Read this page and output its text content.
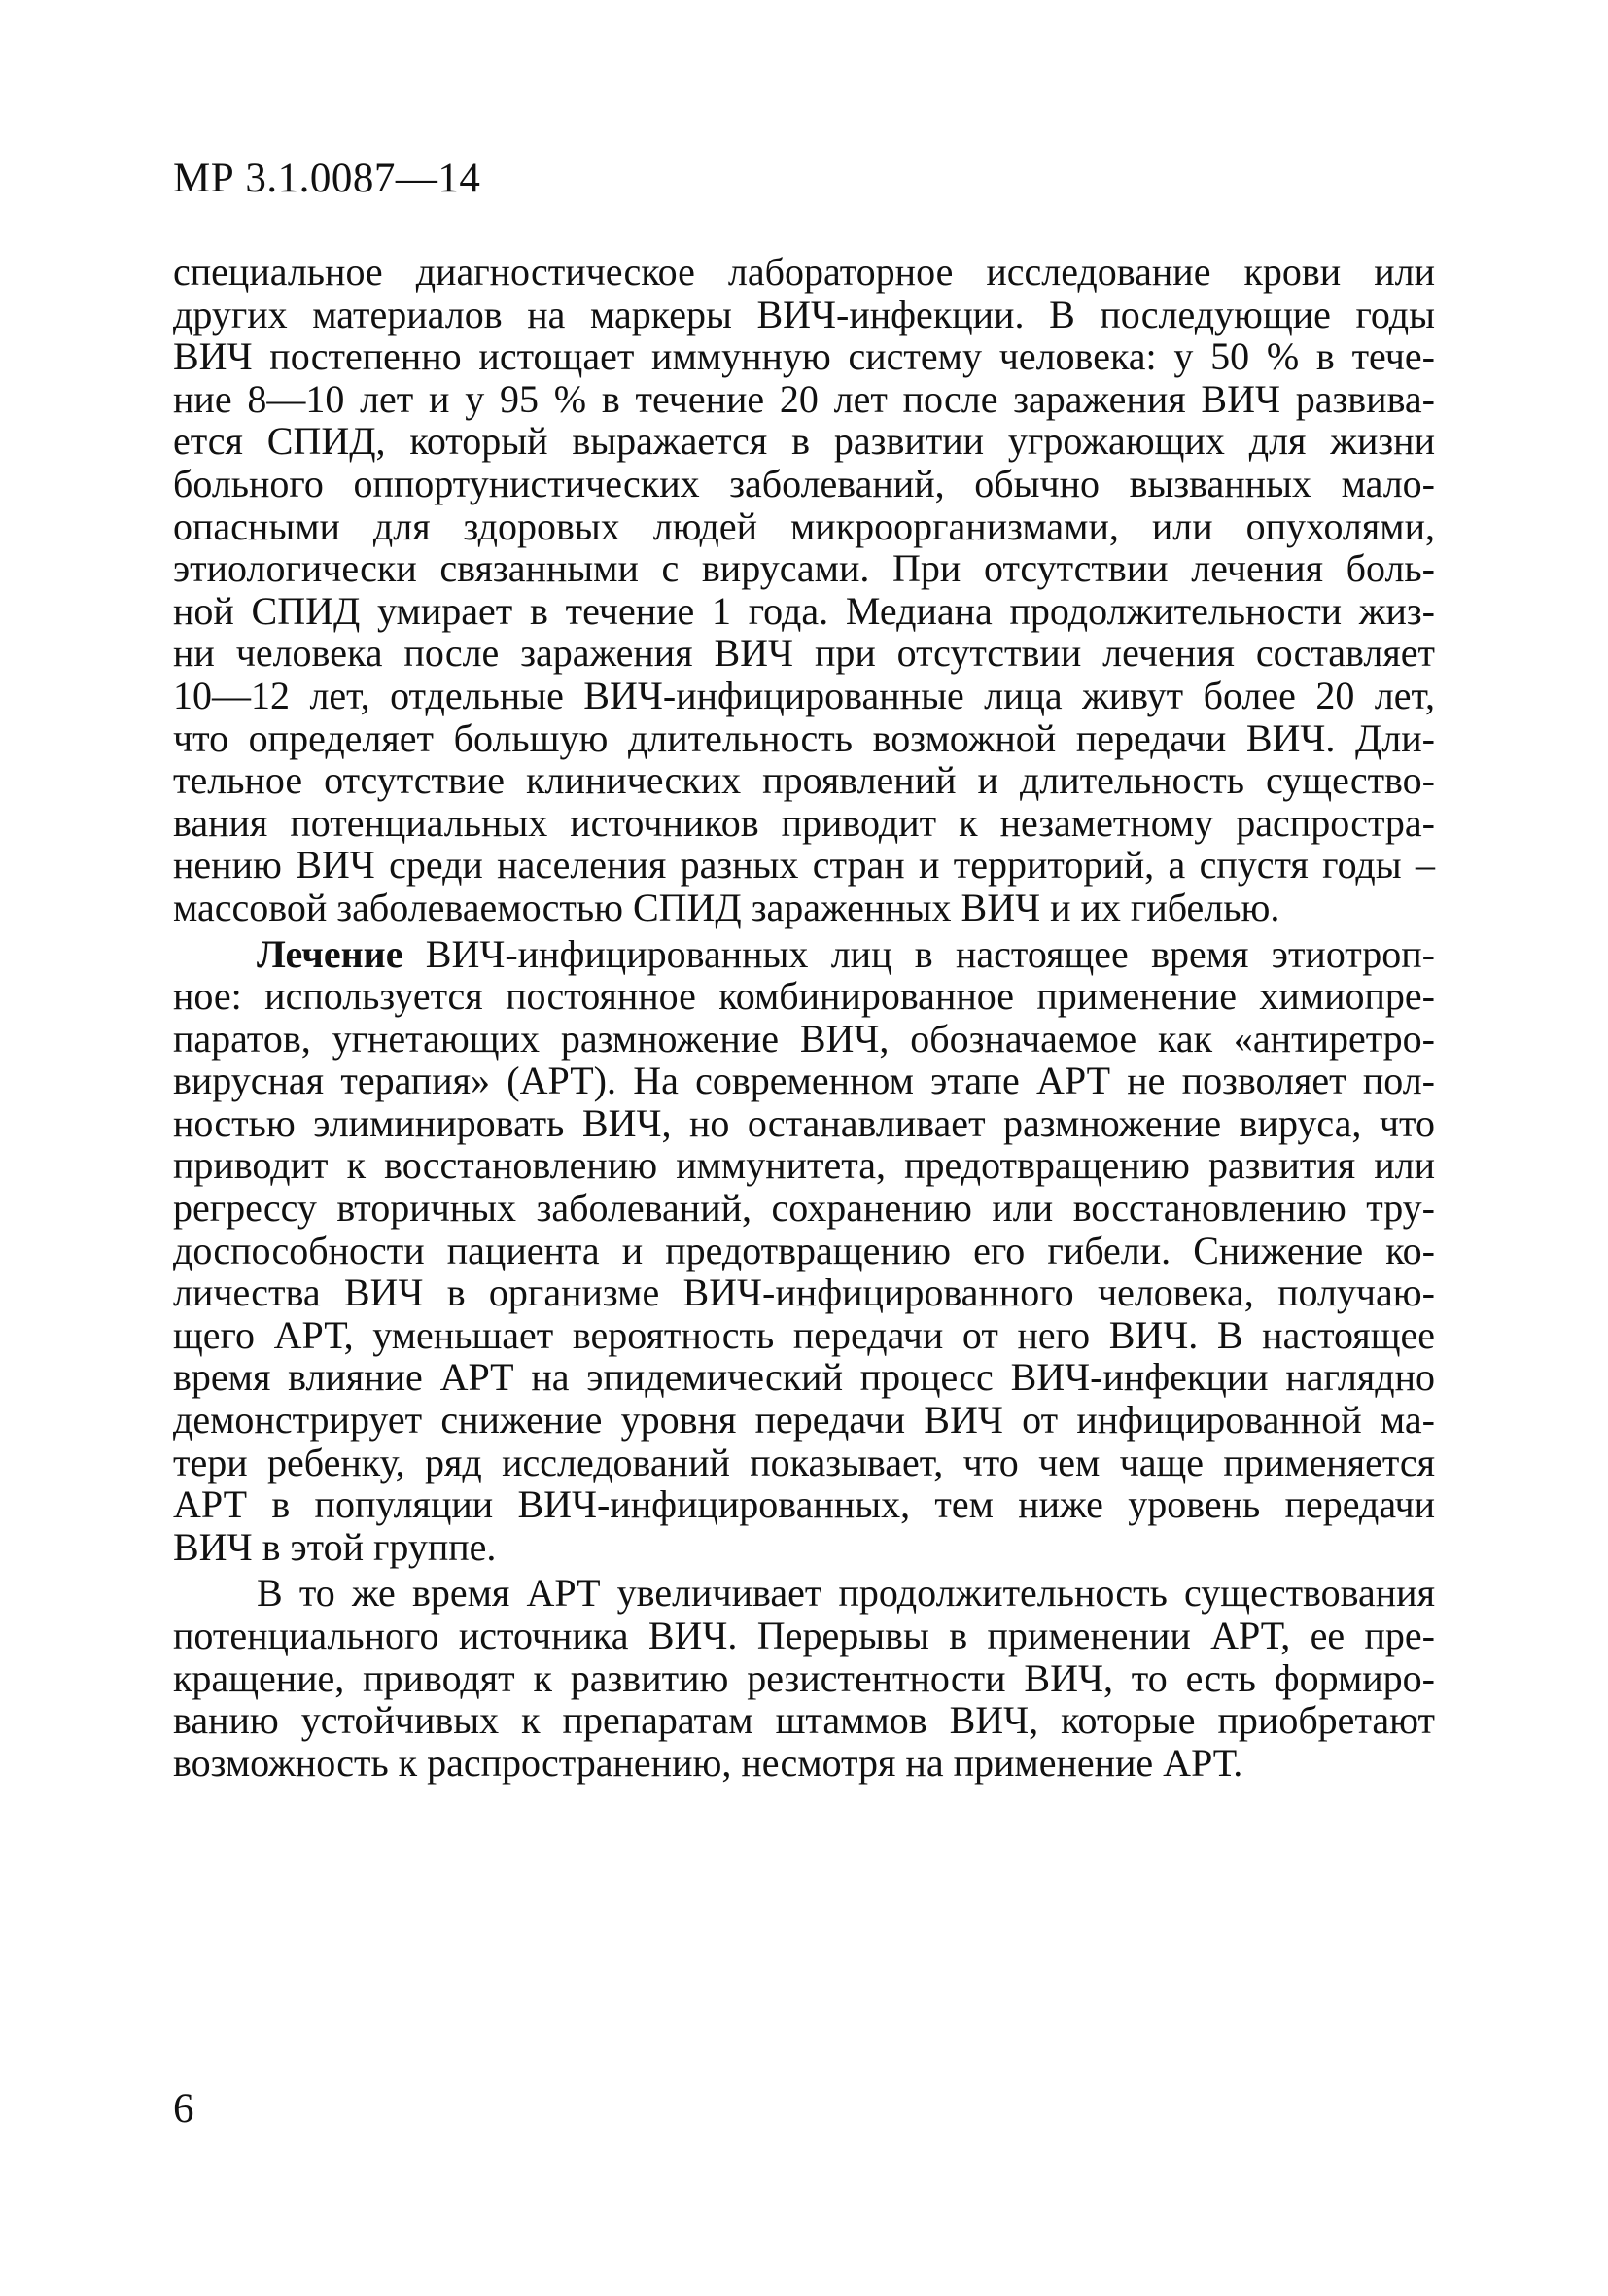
МР 3.1.0087—14
специальное диагностическое лабораторное исследование крови или
других материалов на маркеры ВИЧ-инфекции. В последующие годы
ВИЧ постепенно истощает иммунную систему человека: у 50 % в тече-
ние 8—10 лет и у 95 % в течение 20 лет после заражения ВИЧ развива-
ется СПИД, который выражается в развитии угрожающих для жизни
больного оппортунистических заболеваний, обычно вызванных мало-
опасными для здоровых людей микроорганизмами, или опухолями,
этиологически связанными с вирусами. При отсутствии лечения боль-
ной СПИД умирает в течение 1 года. Медиана продолжительности жиз-
ни человека после заражения ВИЧ при отсутствии лечения составляет
10—12 лет, отдельные ВИЧ-инфицированные лица живут более 20 лет,
что определяет большую длительность возможной передачи ВИЧ. Дли-
тельное отсутствие клинических проявлений и длительность существо-
вания потенциальных источников приводит к незаметному распростра-
нению ВИЧ среди населения разных стран и территорий, а спустя годы –
массовой заболеваемостью СПИД зараженных ВИЧ и их гибелью.
Лечение ВИЧ-инфицированных лиц в настоящее время этиотроп-
ное: используется постоянное комбинированное применение химиопре-
паратов, угнетающих размножение ВИЧ, обозначаемое как «антиретро-
вирусная терапия» (АРТ). На современном этапе АРТ не позволяет пол-
ностью элиминировать ВИЧ, но останавливает размножение вируса, что
приводит к восстановлению иммунитета, предотвращению развития или
регрессу вторичных заболеваний, сохранению или восстановлению тру-
доспособности пациента и предотвращению его гибели. Снижение ко-
личества ВИЧ в организме ВИЧ-инфицированного человека, получаю-
щего АРТ, уменьшает вероятность передачи от него ВИЧ. В настоящее
время влияние АРТ на эпидемический процесс ВИЧ-инфекции наглядно
демонстрирует снижение уровня передачи ВИЧ от инфицированной ма-
тери ребенку, ряд исследований показывает, что чем чаще применяется
АРТ в популяции ВИЧ-инфицированных, тем ниже уровень передачи
ВИЧ в этой группе.
В то же время АРТ увеличивает продолжительность существования
потенциального источника ВИЧ. Перерывы в применении АРТ, ее пре-
кращение, приводят к развитию резистентности ВИЧ, то есть формиро-
ванию устойчивых к препаратам штаммов ВИЧ, которые приобретают
возможность к распространению, несмотря на применение АРТ.
6
